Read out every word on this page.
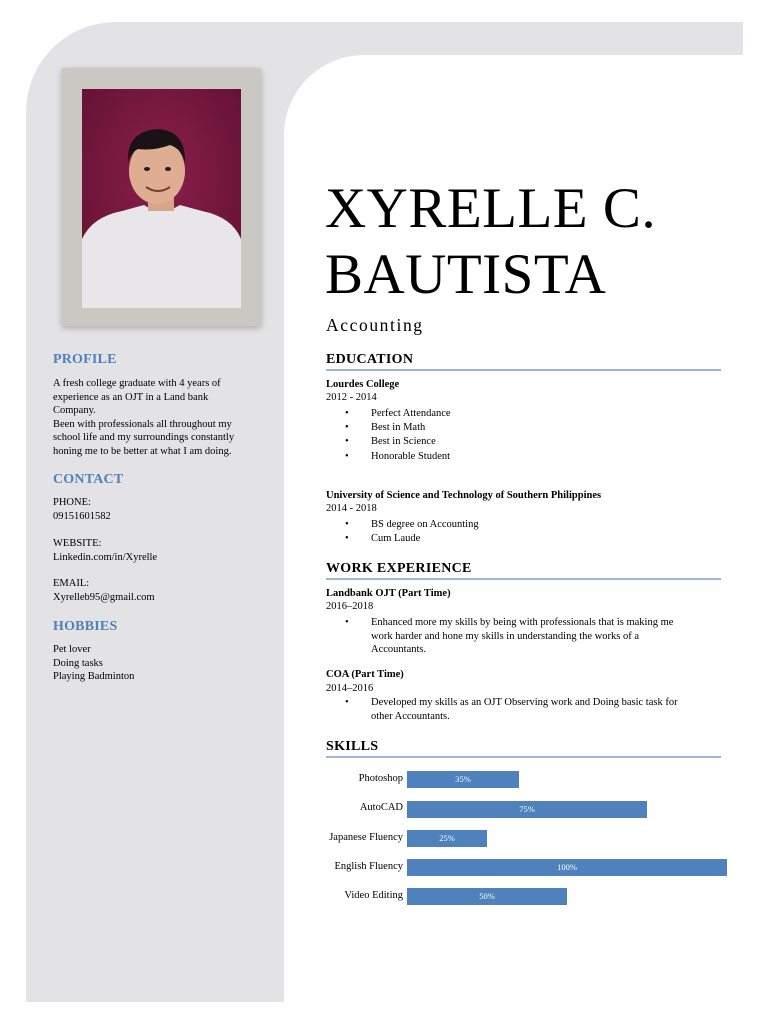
PROFILE
A fresh college graduate with 4 years of
experience as an OJT in a Land bank
Company.
Been with professionals all throughout my
school life and my surroundings constantly
honing me to be better at what I am doing.
CONTACT
PHONE:
09151601582
WEBSITE:
Linkedin.com/in/Xyrelle
EMAIL:
Xyrelleb95@gmail.com
HOBBIES
Pet lover
Doing tasks
Playing Badminton
XYRELLE C. BAUTISTA
Accounting
EDUCATION
Lourdes College
2012 - 2014
• Perfect Attendance
• Best in Math
• Best in Science
• Honorable Student
University of Science and Technology of Southern Philippines
2014 - 2018
• BS degree on Accounting
• Cum Laude
WORK EXPERIENCE
Landbank OJT (Part Time)
2016–2018
• Enhanced more my skills by being with professionals that is making me
work harder and hone my skills in understanding the works of a
Accountants.
COA (Part Time)
2014–2016
• Developed my skills as an OJT Observing work and Doing basic task for
other Accountants.
SKILLS
Photoshop	35%
AutoCAD	75%
Japanese Fluency	25%
English Fluency	100%
Video Editing	50%
